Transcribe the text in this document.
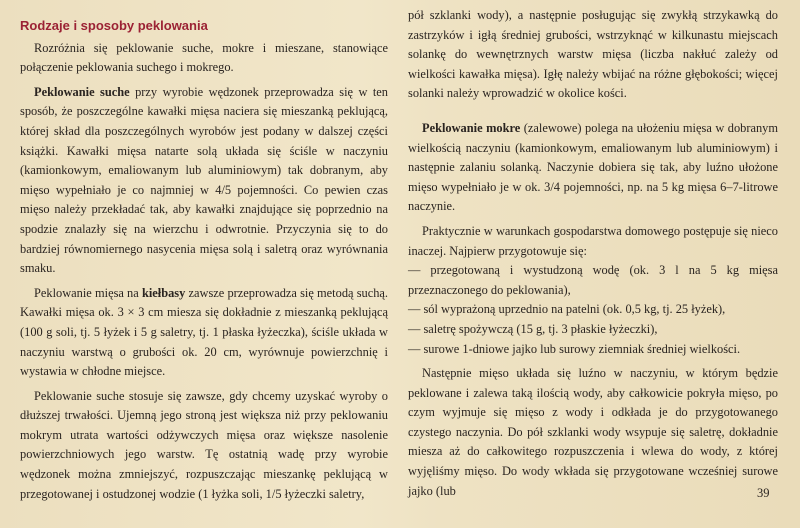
Rodzaje i sposoby peklowania

Rozróżnia się peklowanie suche, mokre i mieszane, stanowiące połączenie peklowania suchego i mokrego.

Peklowanie suche przy wyrobie wędzonek przeprowadza się w ten sposób, że poszczególne kawałki mięsa naciera się mieszanką peklującą, której skład dla poszczególnych wyrobów jest podany w dalszej części książki. Kawałki mięsa natarte solą układa się ściśle w naczyniu (kamionkowym, emaliowanym lub aluminiowym) tak dobranym, aby mięso wypełniało je co najmniej w 4/5 pojemności. Co pewien czas mięso należy przekładać tak, aby kawałki znajdujące się poprzednio na spodzie znalazły się na wierzchu i odwrotnie. Przyczynia się to do bardziej równomiernego nasycenia mięsa solą i saletrą oraz wyrównania smaku.

Peklowanie mięsa na kiełbasy zawsze przeprowadza się metodą suchą. Kawałki mięsa ok. 3 × 3 cm miesza się dokładnie z mieszanką peklującą (100 g soli, tj. 5 łyżek i 5 g saletry, tj. 1 płaska łyżeczka), ściśle układa w naczyniu warstwą o grubości ok. 20 cm, wyrównuje powierzchnię i wystawia w chłodne miejsce.

Peklowanie suche stosuje się zawsze, gdy chcemy uzyskać wyroby o dłuższej trwałości. Ujemną jego stroną jest większa niż przy peklowaniu mokrym utrata wartości odżywczych mięsa oraz większe nasolenie powierzchniowych jego warstw. Tę ostatnią wadę przy wyrobie wędzonek można zmniejszyć, rozpuszczając mieszankę peklującą w przegotowanej i ostudzonej wodzie (1 łyżka soli, 1/5 łyżeczki saletry,

pół szklanki wody), a następnie posługując się zwykłą strzykawką do zastrzyków i igłą średniej grubości, wstrzyknąć w kilkunastu miejscach solankę do wewnętrznych warstw mięsa (liczba nakłuć zależy od wielkości kawałka mięsa). Igłę należy wbijać na różne głębokości; więcej solanki należy wprowadzić w okolice kości.

Peklowanie mokre (zalewowe) polega na ułożeniu mięsa w dobranym wielkością naczyniu (kamionkowym, emaliowanym lub aluminiowym) i następnie zalaniu solanką. Naczynie dobiera się tak, aby luźno ułożone mięso wypełniało je w ok. 3/4 pojemności, np. na 5 kg mięsa 6–7-litrowe naczynie.

Praktycznie w warunkach gospodarstwa domowego postępuje się nieco inaczej. Najpierw przygotowuje się:

— przegotowaną i wystudzoną wodę (ok. 3 l na 5 kg mięsa przeznaczonego do peklowania),

— sól wyprażoną uprzednio na patelni (ok. 0,5 kg, tj. 25 łyżek),

— saletrę spożywczą (15 g, tj. 3 płaskie łyżeczki),

— surowe 1-dniowe jajko lub surowy ziemniak średniej wielkości.

Następnie mięso układa się luźno w naczyniu, w którym będzie peklowane i zalewa taką ilością wody, aby całkowicie pokryła mięso, po czym wyjmuje się mięso z wody i odkłada je do przygotowanego czystego naczynia. Do pół szklanki wody wsypuje się saletrę, dokładnie miesza aż do całkowitego rozpuszczenia i wlewa do wody, z której wyjęliśmy mięso. Do wody wkłada się przygotowane wcześniej surowe jajko (lub	39
